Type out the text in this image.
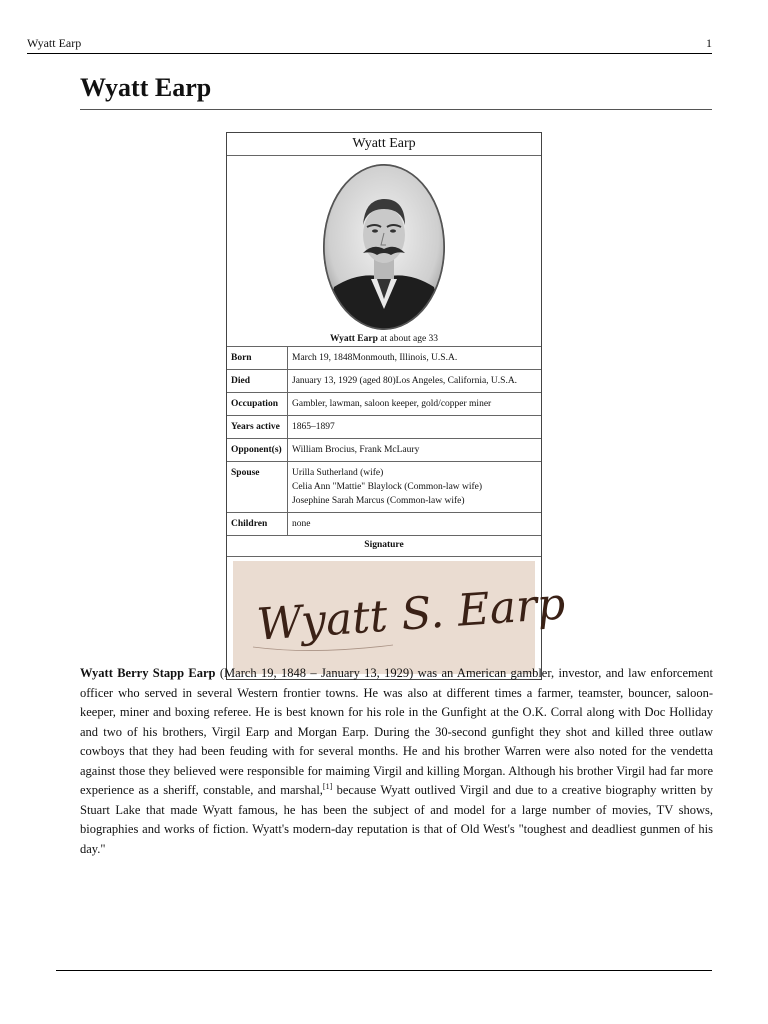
Wyatt Earp	1
Wyatt Earp
Wyatt Earp
Wyatt Earp at about age 33
Born	March 19, 1848Monmouth, Illinois, U.S.A.
Died	January 13, 1929 (aged 80)Los Angeles, California, U.S.A.
Occupation	Gambler, lawman, saloon keeper, gold/copper miner
Years active	1865–1897
Opponent(s)	William Brocius, Frank McLaury
Spouse	Urilla Sutherland (wife)
Celia Ann "Mattie" Blaylock (Common-law wife)
Josephine Sarah Marcus (Common-law wife)
Children	none
Signature
Wyatt S. Earp

Wyatt Berry Stapp Earp (March 19, 1848 – January 13, 1929) was an American gambler, investor, and law enforcement officer who served in several Western frontier towns. He was also at different times a farmer, teamster, bouncer, saloon-keeper, miner and boxing referee. He is best known for his role in the Gunfight at the O.K. Corral along with Doc Holliday and two of his brothers, Virgil Earp and Morgan Earp. During the 30-second gunfight they shot and killed three outlaw cowboys that they had been feuding with for several months. He and his brother Warren were also noted for the vendetta against those they believed were responsible for maiming Virgil and killing Morgan. Although his brother Virgil had far more experience as a sheriff, constable, and marshal,[1] because Wyatt outlived Virgil and due to a creative biography written by Stuart Lake that made Wyatt famous, he has been the subject of and model for a large number of movies, TV shows, biographies and works of fiction. Wyatt's modern-day reputation is that of Old West's "toughest and deadliest gunmen of his day."
